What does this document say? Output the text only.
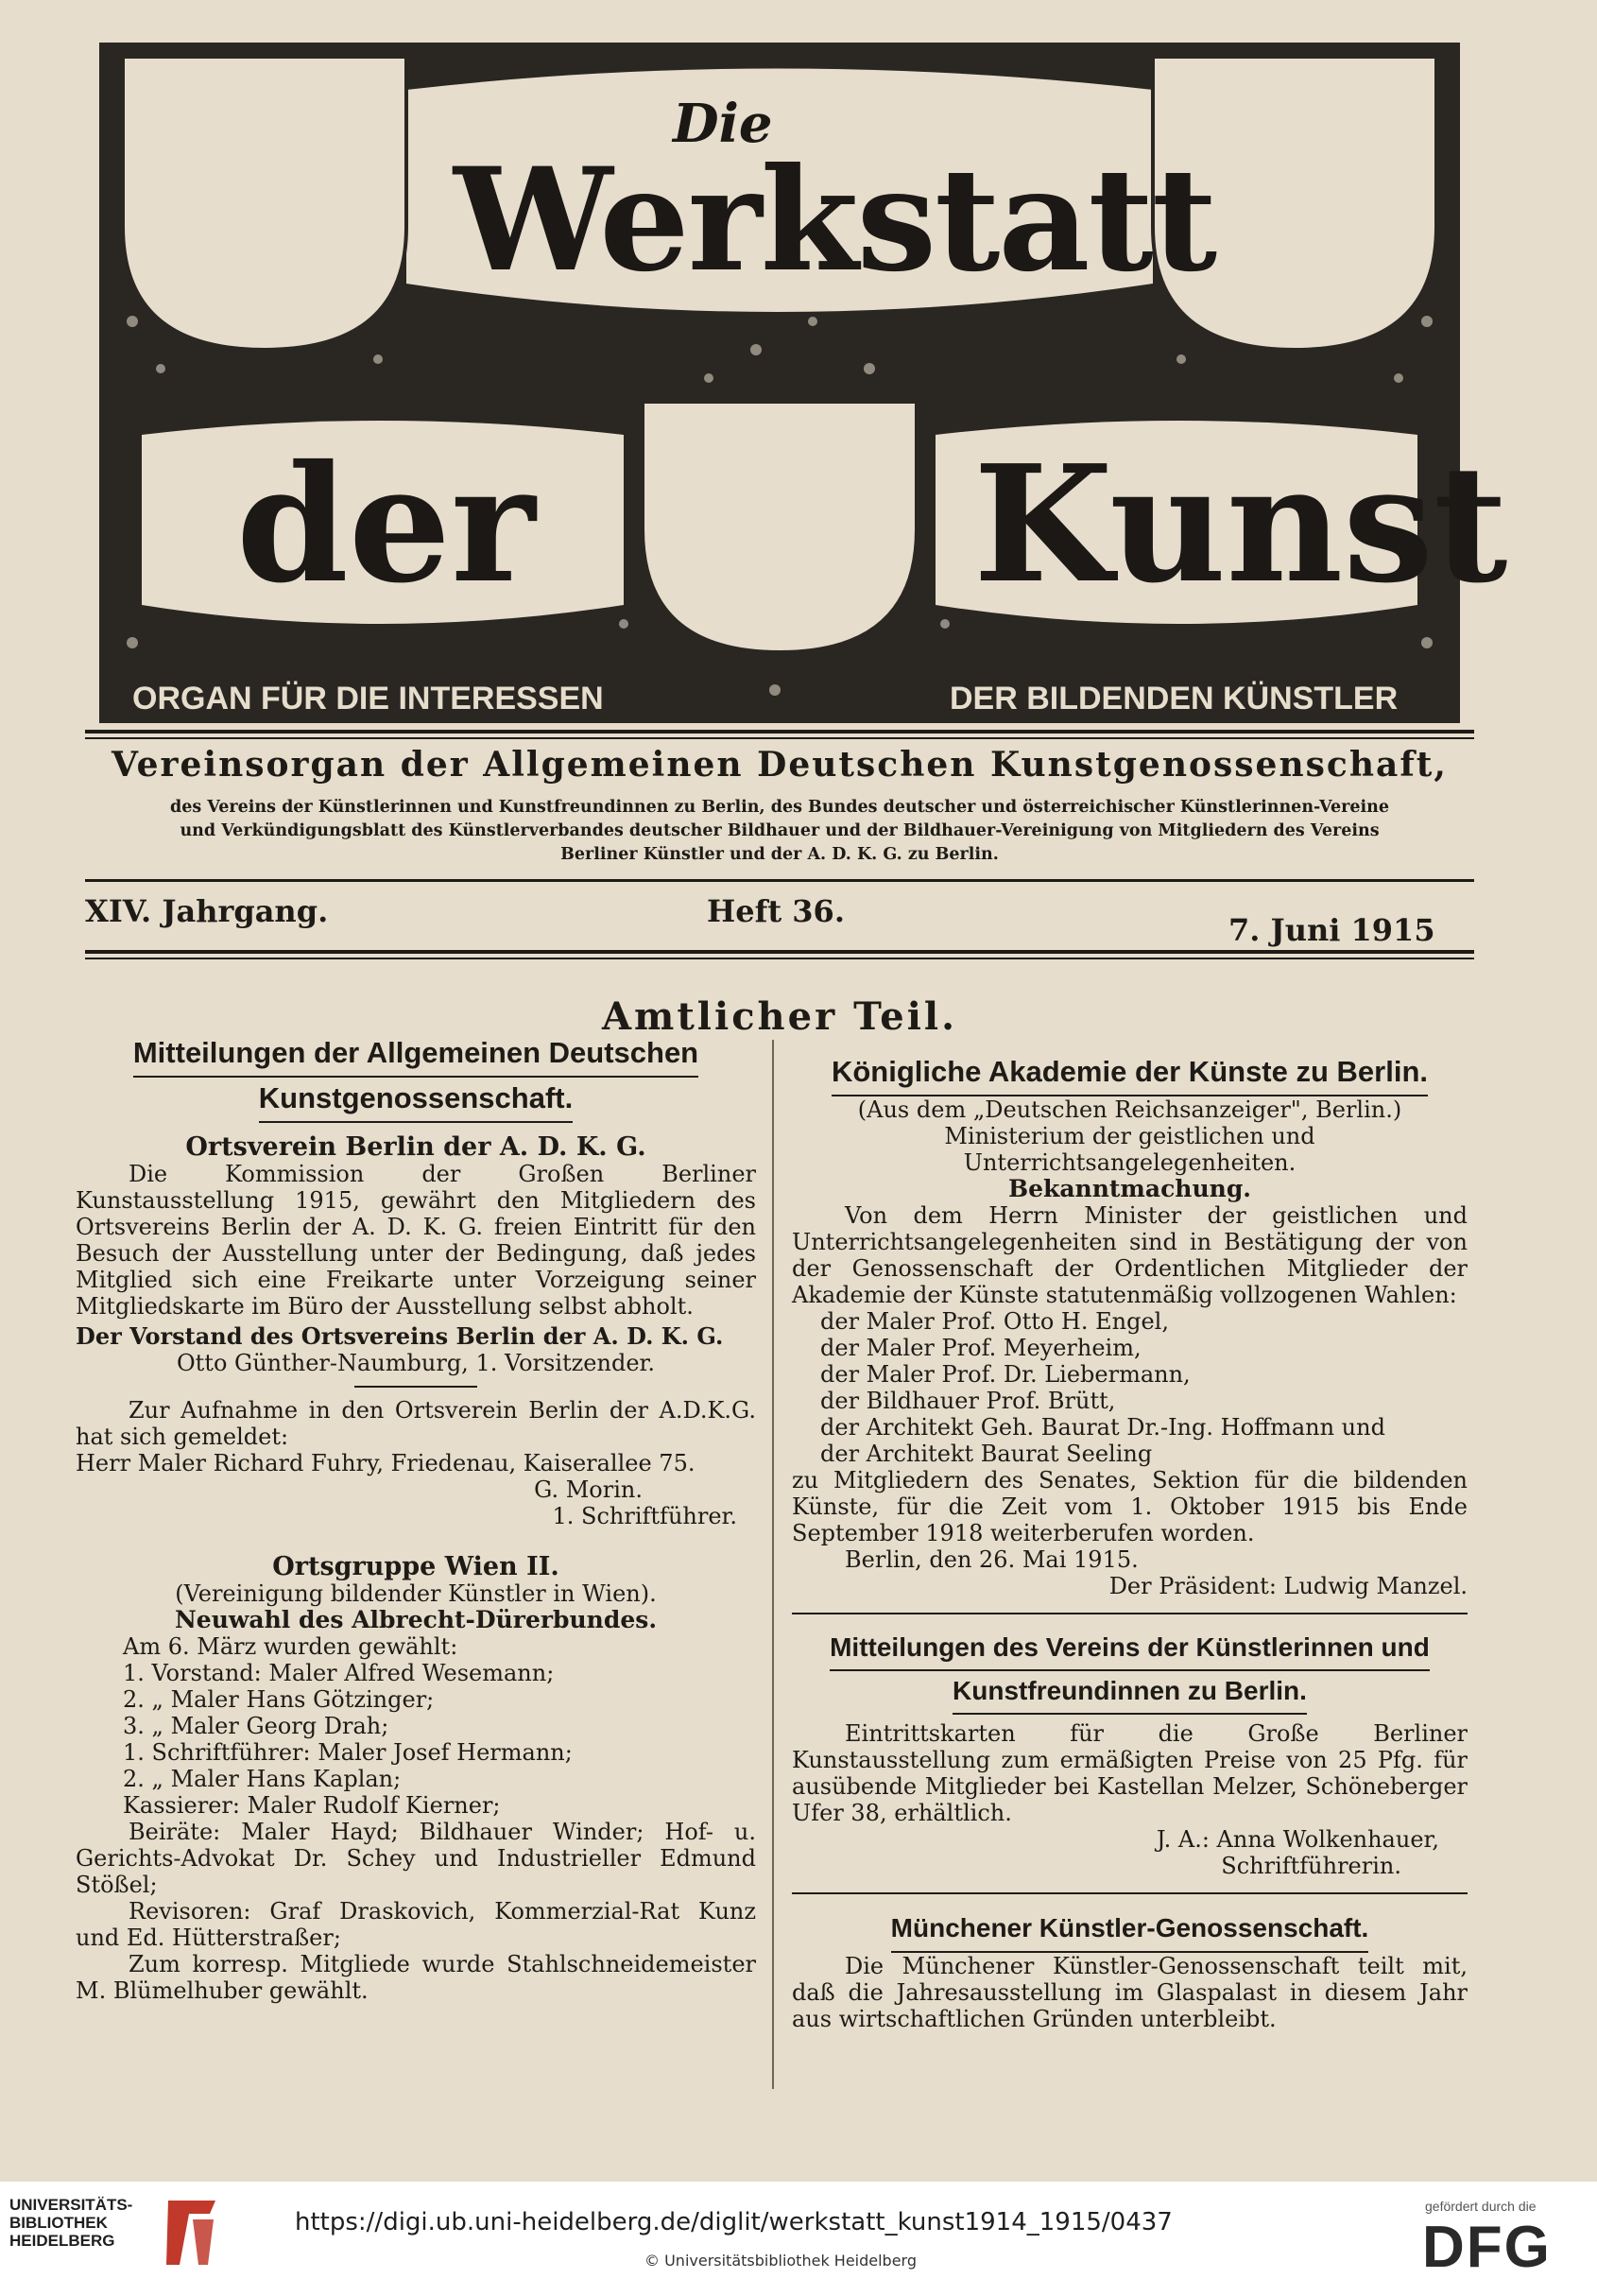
Die
Werkstatt
der	Kunst
ORGAN FÜR DIE INTERESSEN	DER BILDENDEN KÜNSTLER
Vereinsorgan der Allgemeinen Deutschen Kunstgenossenschaft,
des Vereins der Künstlerinnen und Kunstfreundinnen zu Berlin, des Bundes deutscher und österreichischer Künstlerinnen-Vereine
und Verkündigungsblatt des Künstlerverbandes deutscher Bildhauer und der Bildhauer-Vereinigung von Mitgliedern des Vereins
Berliner Künstler und der A. D. K. G. zu Berlin.
XIV. Jahrgang.	Heft 36.
7. Juni 1915
Amtlicher Teil.
Mitteilungen der Allgemeinen Deutschen
Kunstgenossenschaft.
Ortsverein Berlin der A. D. K. G.
Die Kommission der Großen Berliner Kunstausstellung 1915, gewährt den Mitgliedern des Ortsvereins Berlin der A. D. K. G. freien Eintritt für den Besuch der Ausstellung unter der Bedingung, daß jedes Mitglied sich eine Freikarte unter Vorzeigung seiner Mitgliedskarte im Büro der Ausstellung selbst abholt.
Der Vorstand des Ortsvereins Berlin der A. D. K. G.
Otto Günther-Naumburg, 1. Vorsitzender.
Zur Aufnahme in den Ortsverein Berlin der A.D.K.G. hat sich gemeldet:
Herr Maler Richard Fuhry, Friedenau, Kaiserallee 75.
G. Morin.
1. Schriftführer.
Ortsgruppe Wien II.
(Vereinigung bildender Künstler in Wien).
Neuwahl des Albrecht-Dürerbundes.
Am 6. März wurden gewählt:
1. Vorstand: Maler Alfred Wesemann;
2. „ Maler Hans Götzinger;
3. „ Maler Georg Drah;
1. Schriftführer: Maler Josef Hermann;
2. „ Maler Hans Kaplan;
Kassierer: Maler Rudolf Kierner;
Beiräte: Maler Hayd; Bildhauer Winder; Hof- u. Gerichts-Advokat Dr. Schey und Industrieller Edmund Stößel;
Revisoren: Graf Draskovich, Kommerzial-Rat Kunz und Ed. Hütterstraßer;
Zum korresp. Mitgliede wurde Stahlschneidemeister M. Blümelhuber gewählt.
Königliche Akademie der Künste zu Berlin.
(Aus dem „Deutschen Reichsanzeiger", Berlin.)
Ministerium der geistlichen und Unterrichtsangelegenheiten.
Bekanntmachung.
Von dem Herrn Minister der geistlichen und Unterrichtsangelegenheiten sind in Bestätigung der von der Genossenschaft der Ordentlichen Mitglieder der Akademie der Künste statutenmäßig vollzogenen Wahlen:
der Maler Prof. Otto H. Engel,
der Maler Prof. Meyerheim,
der Maler Prof. Dr. Liebermann,
der Bildhauer Prof. Brütt,
der Architekt Geh. Baurat Dr.-Ing. Hoffmann und
der Architekt Baurat Seeling
zu Mitgliedern des Senates, Sektion für die bildenden Künste, für die Zeit vom 1. Oktober 1915 bis Ende September 1918 weiterberufen worden.
Berlin, den 26. Mai 1915.
Der Präsident: Ludwig Manzel.
Mitteilungen des Vereins der Künstlerinnen und
Kunstfreundinnen zu Berlin.
Eintrittskarten für die Große Berliner Kunstausstellung zum ermäßigten Preise von 25 Pfg. für ausübende Mitglieder bei Kastellan Melzer, Schöneberger Ufer 38, erhältlich.
J. A.: Anna Wolkenhauer,
Schriftführerin.
Münchener Künstler-Genossenschaft.
Die Münchener Künstler-Genossenschaft teilt mit, daß die Jahresausstellung im Glaspalast in diesem Jahr aus wirtschaftlichen Gründen unterbleibt.
UNIVERSITÄTS-
BIBLIOTHEK
HEIDELBERG
https://digi.ub.uni-heidelberg.de/diglit/werkstatt_kunst1914_1915/0437
© Universitätsbibliothek Heidelberg
gefördert durch die
DFG
